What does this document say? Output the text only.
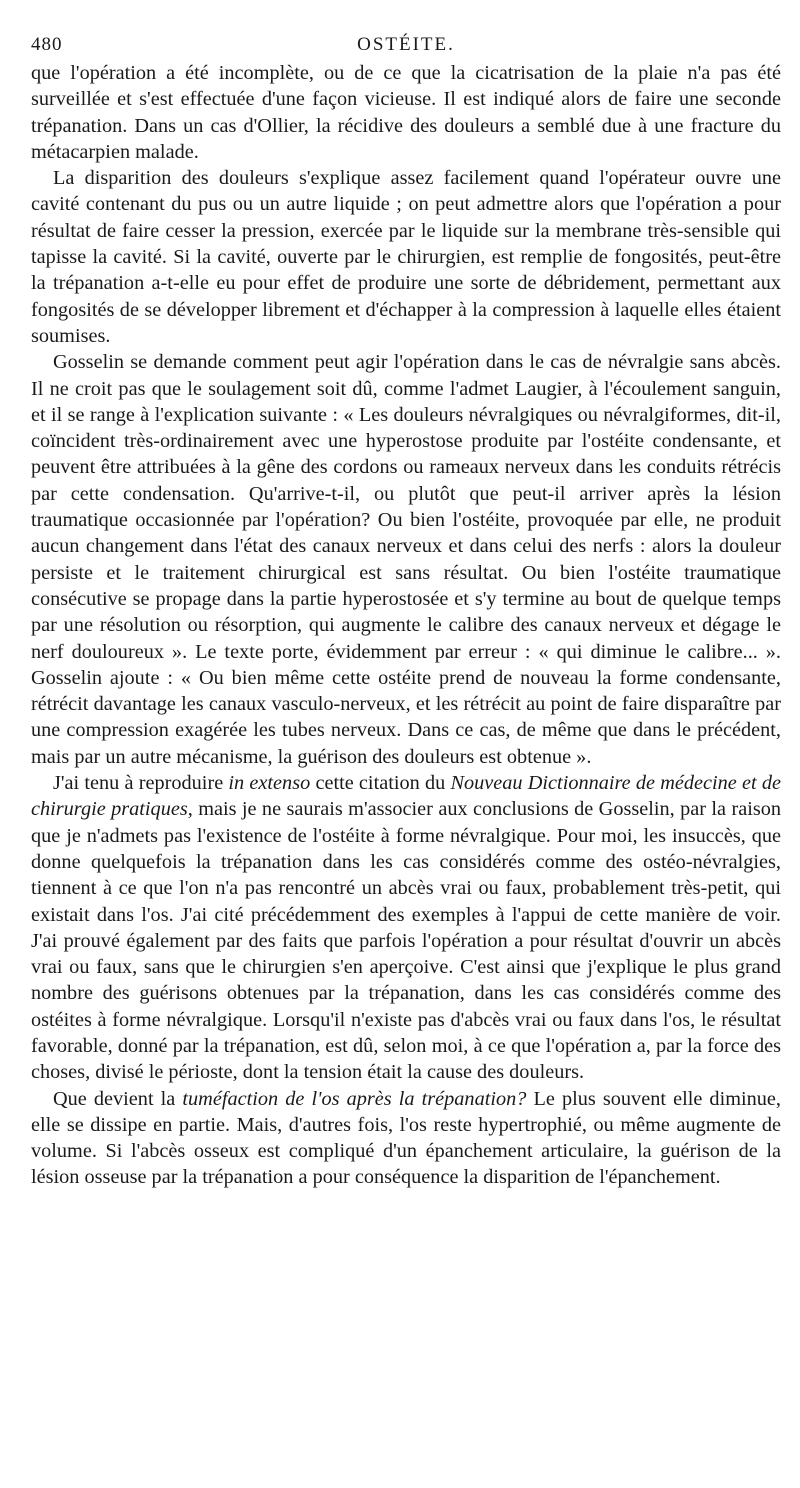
480	OSTÉITE.

que l'opération a été incomplète, ou de ce que la cicatrisation de la plaie n'a pas été surveillée et s'est effectuée d'une façon vicieuse. Il est indiqué alors de faire une seconde trépanation. Dans un cas d'Ollier, la récidive des douleurs a semblé due à une fracture du métacarpien malade.

La disparition des douleurs s'explique assez facilement quand l'opérateur ouvre une cavité contenant du pus ou un autre liquide ; on peut admettre alors que l'opération a pour résultat de faire cesser la pression, exercée par le liquide sur la membrane très-sensible qui tapisse la cavité. Si la cavité, ouverte par le chirurgien, est remplie de fongosités, peut-être la trépanation a-t-elle eu pour effet de produire une sorte de débridement, permettant aux fongosités de se développer librement et d'échapper à la compression à laquelle elles étaient soumises.

Gosselin se demande comment peut agir l'opération dans le cas de névralgie sans abcès. Il ne croit pas que le soulagement soit dû, comme l'admet Laugier, à l'écoulement sanguin, et il se range à l'explication suivante : « Les douleurs névralgiques ou névralgiformes, dit-il, coïncident très-ordinairement avec une hyperostose produite par l'ostéite condensante, et peuvent être attribuées à la gêne des cordons ou rameaux nerveux dans les conduits rétrécis par cette condensation. Qu'arrive-t-il, ou plutôt que peut-il arriver après la lésion traumatique occasionnée par l'opération? Ou bien l'ostéite, provoquée par elle, ne produit aucun changement dans l'état des canaux nerveux et dans celui des nerfs : alors la douleur persiste et le traitement chirurgical est sans résultat. Ou bien l'ostéite traumatique consécutive se propage dans la partie hyperostosée et s'y termine au bout de quelque temps par une résolution ou résorption, qui augmente le calibre des canaux nerveux et dégage le nerf douloureux ». Le texte porte, évidemment par erreur : « qui diminue le calibre... ». Gosselin ajoute : « Ou bien même cette ostéite prend de nouveau la forme condensante, rétrécit davantage les canaux vasculo-nerveux, et les rétrécit au point de faire disparaître par une compression exagérée les tubes nerveux. Dans ce cas, de même que dans le précédent, mais par un autre mécanisme, la guérison des douleurs est obtenue ».

J'ai tenu à reproduire in extenso cette citation du Nouveau Dictionnaire de médecine et de chirurgie pratiques, mais je ne saurais m'associer aux conclusions de Gosselin, par la raison que je n'admets pas l'existence de l'ostéite à forme névralgique. Pour moi, les insuccès, que donne quelquefois la trépanation dans les cas considérés comme des ostéo-névralgies, tiennent à ce que l'on n'a pas rencontré un abcès vrai ou faux, probablement très-petit, qui existait dans l'os. J'ai cité précédemment des exemples à l'appui de cette manière de voir. J'ai prouvé également par des faits que parfois l'opération a pour résultat d'ouvrir un abcès vrai ou faux, sans que le chirurgien s'en aperçoive. C'est ainsi que j'explique le plus grand nombre des guérisons obtenues par la trépanation, dans les cas considérés comme des ostéites à forme névralgique. Lorsqu'il n'existe pas d'abcès vrai ou faux dans l'os, le résultat favorable, donné par la trépanation, est dû, selon moi, à ce que l'opération a, par la force des choses, divisé le périoste, dont la tension était la cause des douleurs.

Que devient la tuméfaction de l'os après la trépanation? Le plus souvent elle diminue, elle se dissipe en partie. Mais, d'autres fois, l'os reste hypertrophié, ou même augmente de volume. Si l'abcès osseux est compliqué d'un épanchement articulaire, la guérison de la lésion osseuse par la trépanation a pour conséquence la disparition de l'épanchement.
